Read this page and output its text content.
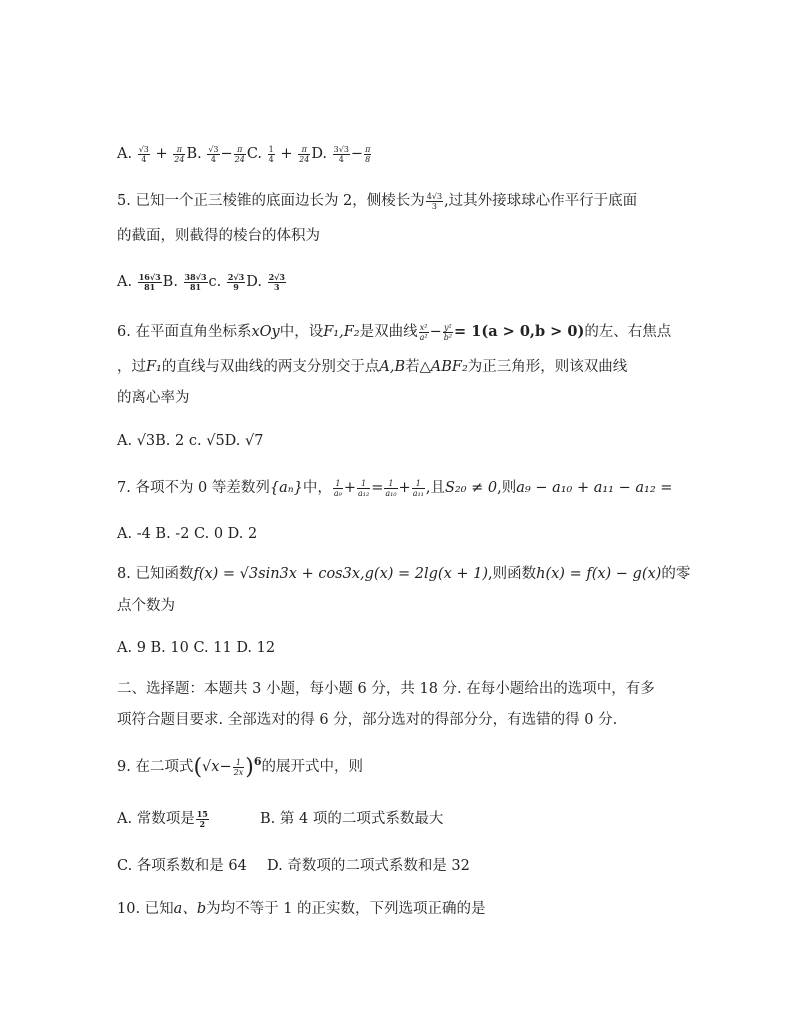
A. $\frac{√3}{4} + \frac{\pi}{24} B$. $\frac{√3}{4} - \frac{\pi}{24} C$. $\frac{1}{4} + \frac{\pi}{24} D$. $\frac{3√3}{4} - \frac{\pi}{8}$
5. 已知一个正三棱锥的底面边长为 2，侧棱长为 $\frac{4√3}{3}$ ,过其外接球球心作平行于底面
的截面，则截得的棱台的体积为
A. $\frac{16√3}{81} B$. $\frac{38√3}{81} c$. $\frac{2√3}{9} D$. $\frac{2√3}{3}$
6. 在平面直角坐标系xOy中，设F₁,F₂是双曲线 $\frac{\text{x²}}{\text{a²}} - \frac{\text{y²}}{\text{b²}} = 1(a > 0,b > 0)$的左、右焦点
，过F₁的直线与双曲线的两支分别交于点A,B若△ABF₂为正三角形，则该双曲线
的离心率为
A. √3B. 2 c. √5D. √7
7. 各项不为 0 等差数列{aₙ}中， $\frac{1}{\text{a₉}} + \frac{1}{\text{a₁₂}} = \frac{1}{\text{a₁₀}} + \frac{1}{\text{a₁₁}}$ ,且S₂₀ ≠ 0,则a₉ − a₁₀ + a₁₁ − a₁₂ =
A. -4 B. -2 C. 0 D. 2
8. 已知函数f(x) = √3sin3x + cos3x,g(x) = 2lg(x + 1),则函数h(x) = f(x) − g(x)的零
点个数为
A. 9 B. 10 C. 11 D. 12
二、选择题：本题共 3 小题，每小题 6 分，共 18 分. 在每小题给出的选项中，有多
项符合题目要求. 全部选对的得 6 分，部分选对的得部分分，有选错的得 0 分.
9. 在二项式$(√x- \frac{1}{2x} )^6$的展开式中，则
A. 常数项是 $\frac{15}{2}$	B. 第 4 项的二项式系数最大
C. 各项系数和是 64 D. 奇数项的二项式系数和是 32
10. 已知a、b为均不等于 1 的正实数，下列选项正确的是
